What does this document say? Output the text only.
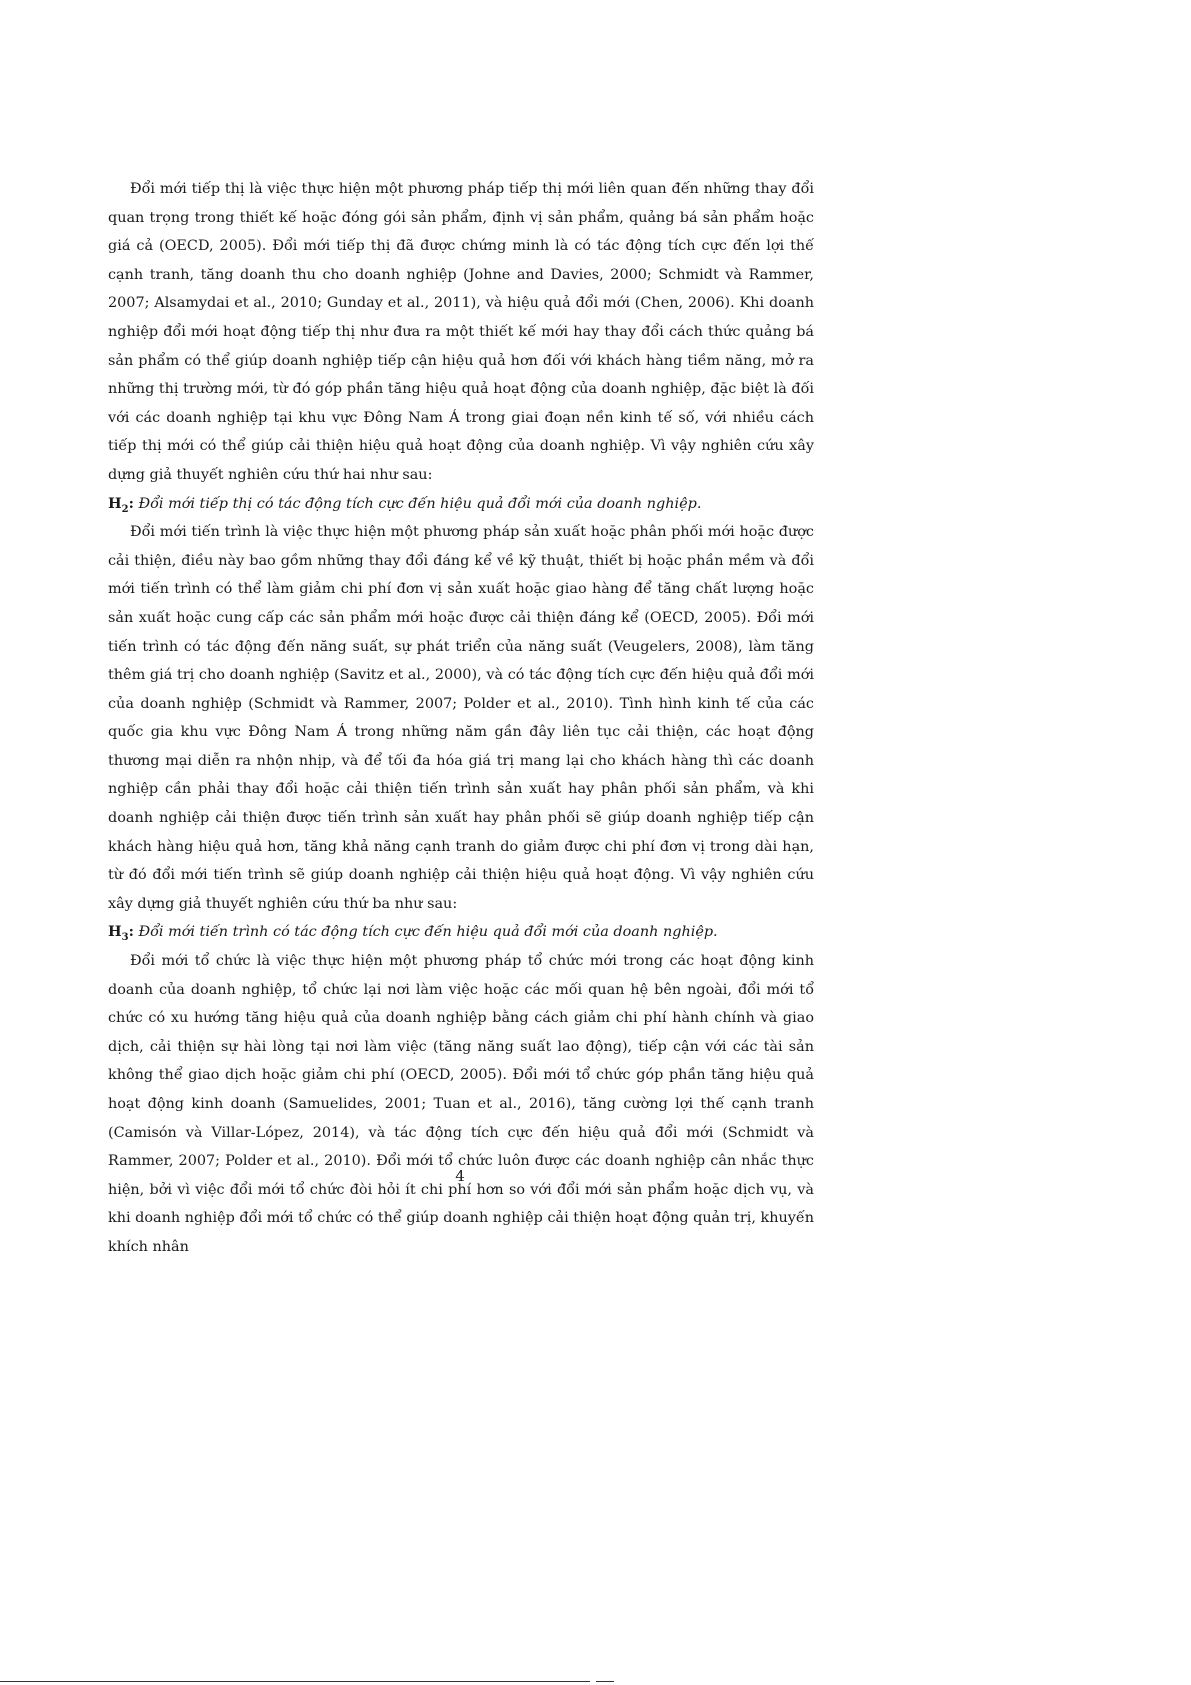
Đổi mới tiếp thị là việc thực hiện một phương pháp tiếp thị mới liên quan đến những thay đổi quan trọng trong thiết kế hoặc đóng gói sản phẩm, định vị sản phẩm, quảng bá sản phẩm hoặc giá cả (OECD, 2005). Đổi mới tiếp thị đã được chứng minh là có tác động tích cực đến lợi thế cạnh tranh, tăng doanh thu cho doanh nghiệp (Johne and Davies, 2000; Schmidt và Rammer, 2007; Alsamydai et al., 2010; Gunday et al., 2011), và hiệu quả đổi mới (Chen, 2006). Khi doanh nghiệp đổi mới hoạt động tiếp thị như đưa ra một thiết kế mới hay thay đổi cách thức quảng bá sản phẩm có thể giúp doanh nghiệp tiếp cận hiệu quả hơn đối với khách hàng tiềm năng, mở ra những thị trường mới, từ đó góp phần tăng hiệu quả hoạt động của doanh nghiệp, đặc biệt là đối với các doanh nghiệp tại khu vực Đông Nam Á trong giai đoạn nền kinh tế số, với nhiều cách tiếp thị mới có thể giúp cải thiện hiệu quả hoạt động của doanh nghiệp. Vì vậy nghiên cứu xây dựng giả thuyết nghiên cứu thứ hai như sau:

$H_2$: Đổi mới tiếp thị có tác động tích cực đến hiệu quả đổi mới của doanh nghiệp.

Đổi mới tiến trình là việc thực hiện một phương pháp sản xuất hoặc phân phối mới hoặc được cải thiện, điều này bao gồm những thay đổi đáng kể về kỹ thuật, thiết bị hoặc phần mềm và đổi mới tiến trình có thể làm giảm chi phí đơn vị sản xuất hoặc giao hàng để tăng chất lượng hoặc sản xuất hoặc cung cấp các sản phẩm mới hoặc được cải thiện đáng kể (OECD, 2005). Đổi mới tiến trình có tác động đến năng suất, sự phát triển của năng suất (Veugelers, 2008), làm tăng thêm giá trị cho doanh nghiệp (Savitz et al., 2000), và có tác động tích cực đến hiệu quả đổi mới của doanh nghiệp (Schmidt và Rammer, 2007; Polder et al., 2010). Tình hình kinh tế của các quốc gia khu vực Đông Nam Á trong những năm gần đây liên tục cải thiện, các hoạt động thương mại diễn ra nhộn nhịp, và để tối đa hóa giá trị mang lại cho khách hàng thì các doanh nghiệp cần phải thay đổi hoặc cải thiện tiến trình sản xuất hay phân phối sản phẩm, và khi doanh nghiệp cải thiện được tiến trình sản xuất hay phân phối sẽ giúp doanh nghiệp tiếp cận khách hàng hiệu quả hơn, tăng khả năng cạnh tranh do giảm được chi phí đơn vị trong dài hạn, từ đó đổi mới tiến trình sẽ giúp doanh nghiệp cải thiện hiệu quả hoạt động. Vì vậy nghiên cứu xây dựng giả thuyết nghiên cứu thứ ba như sau:

$H_3$: Đổi mới tiến trình có tác động tích cực đến hiệu quả đổi mới của doanh nghiệp.

Đổi mới tổ chức là việc thực hiện một phương pháp tổ chức mới trong các hoạt động kinh doanh của doanh nghiệp, tổ chức lại nơi làm việc hoặc các mối quan hệ bên ngoài, đổi mới tổ chức có xu hướng tăng hiệu quả của doanh nghiệp bằng cách giảm chi phí hành chính và giao dịch, cải thiện sự hài lòng tại nơi làm việc (tăng năng suất lao động), tiếp cận với các tài sản không thể giao dịch hoặc giảm chi phí (OECD, 2005). Đổi mới tổ chức góp phần tăng hiệu quả hoạt động kinh doanh (Samuelides, 2001; Tuan et al., 2016), tăng cường lợi thế cạnh tranh (Camisón và Villar-López, 2014), và tác động tích cực đến hiệu quả đổi mới (Schmidt và Rammer, 2007; Polder et al., 2010). Đổi mới tổ chức luôn được các doanh nghiệp cân nhắc thực hiện, bởi vì việc đổi mới tổ chức đòi hỏi ít chi phí hơn so với đổi mới sản phẩm hoặc dịch vụ, và khi doanh nghiệp đổi mới tổ chức có thể giúp doanh nghiệp cải thiện hoạt động quản trị, khuyến khích nhân

4
